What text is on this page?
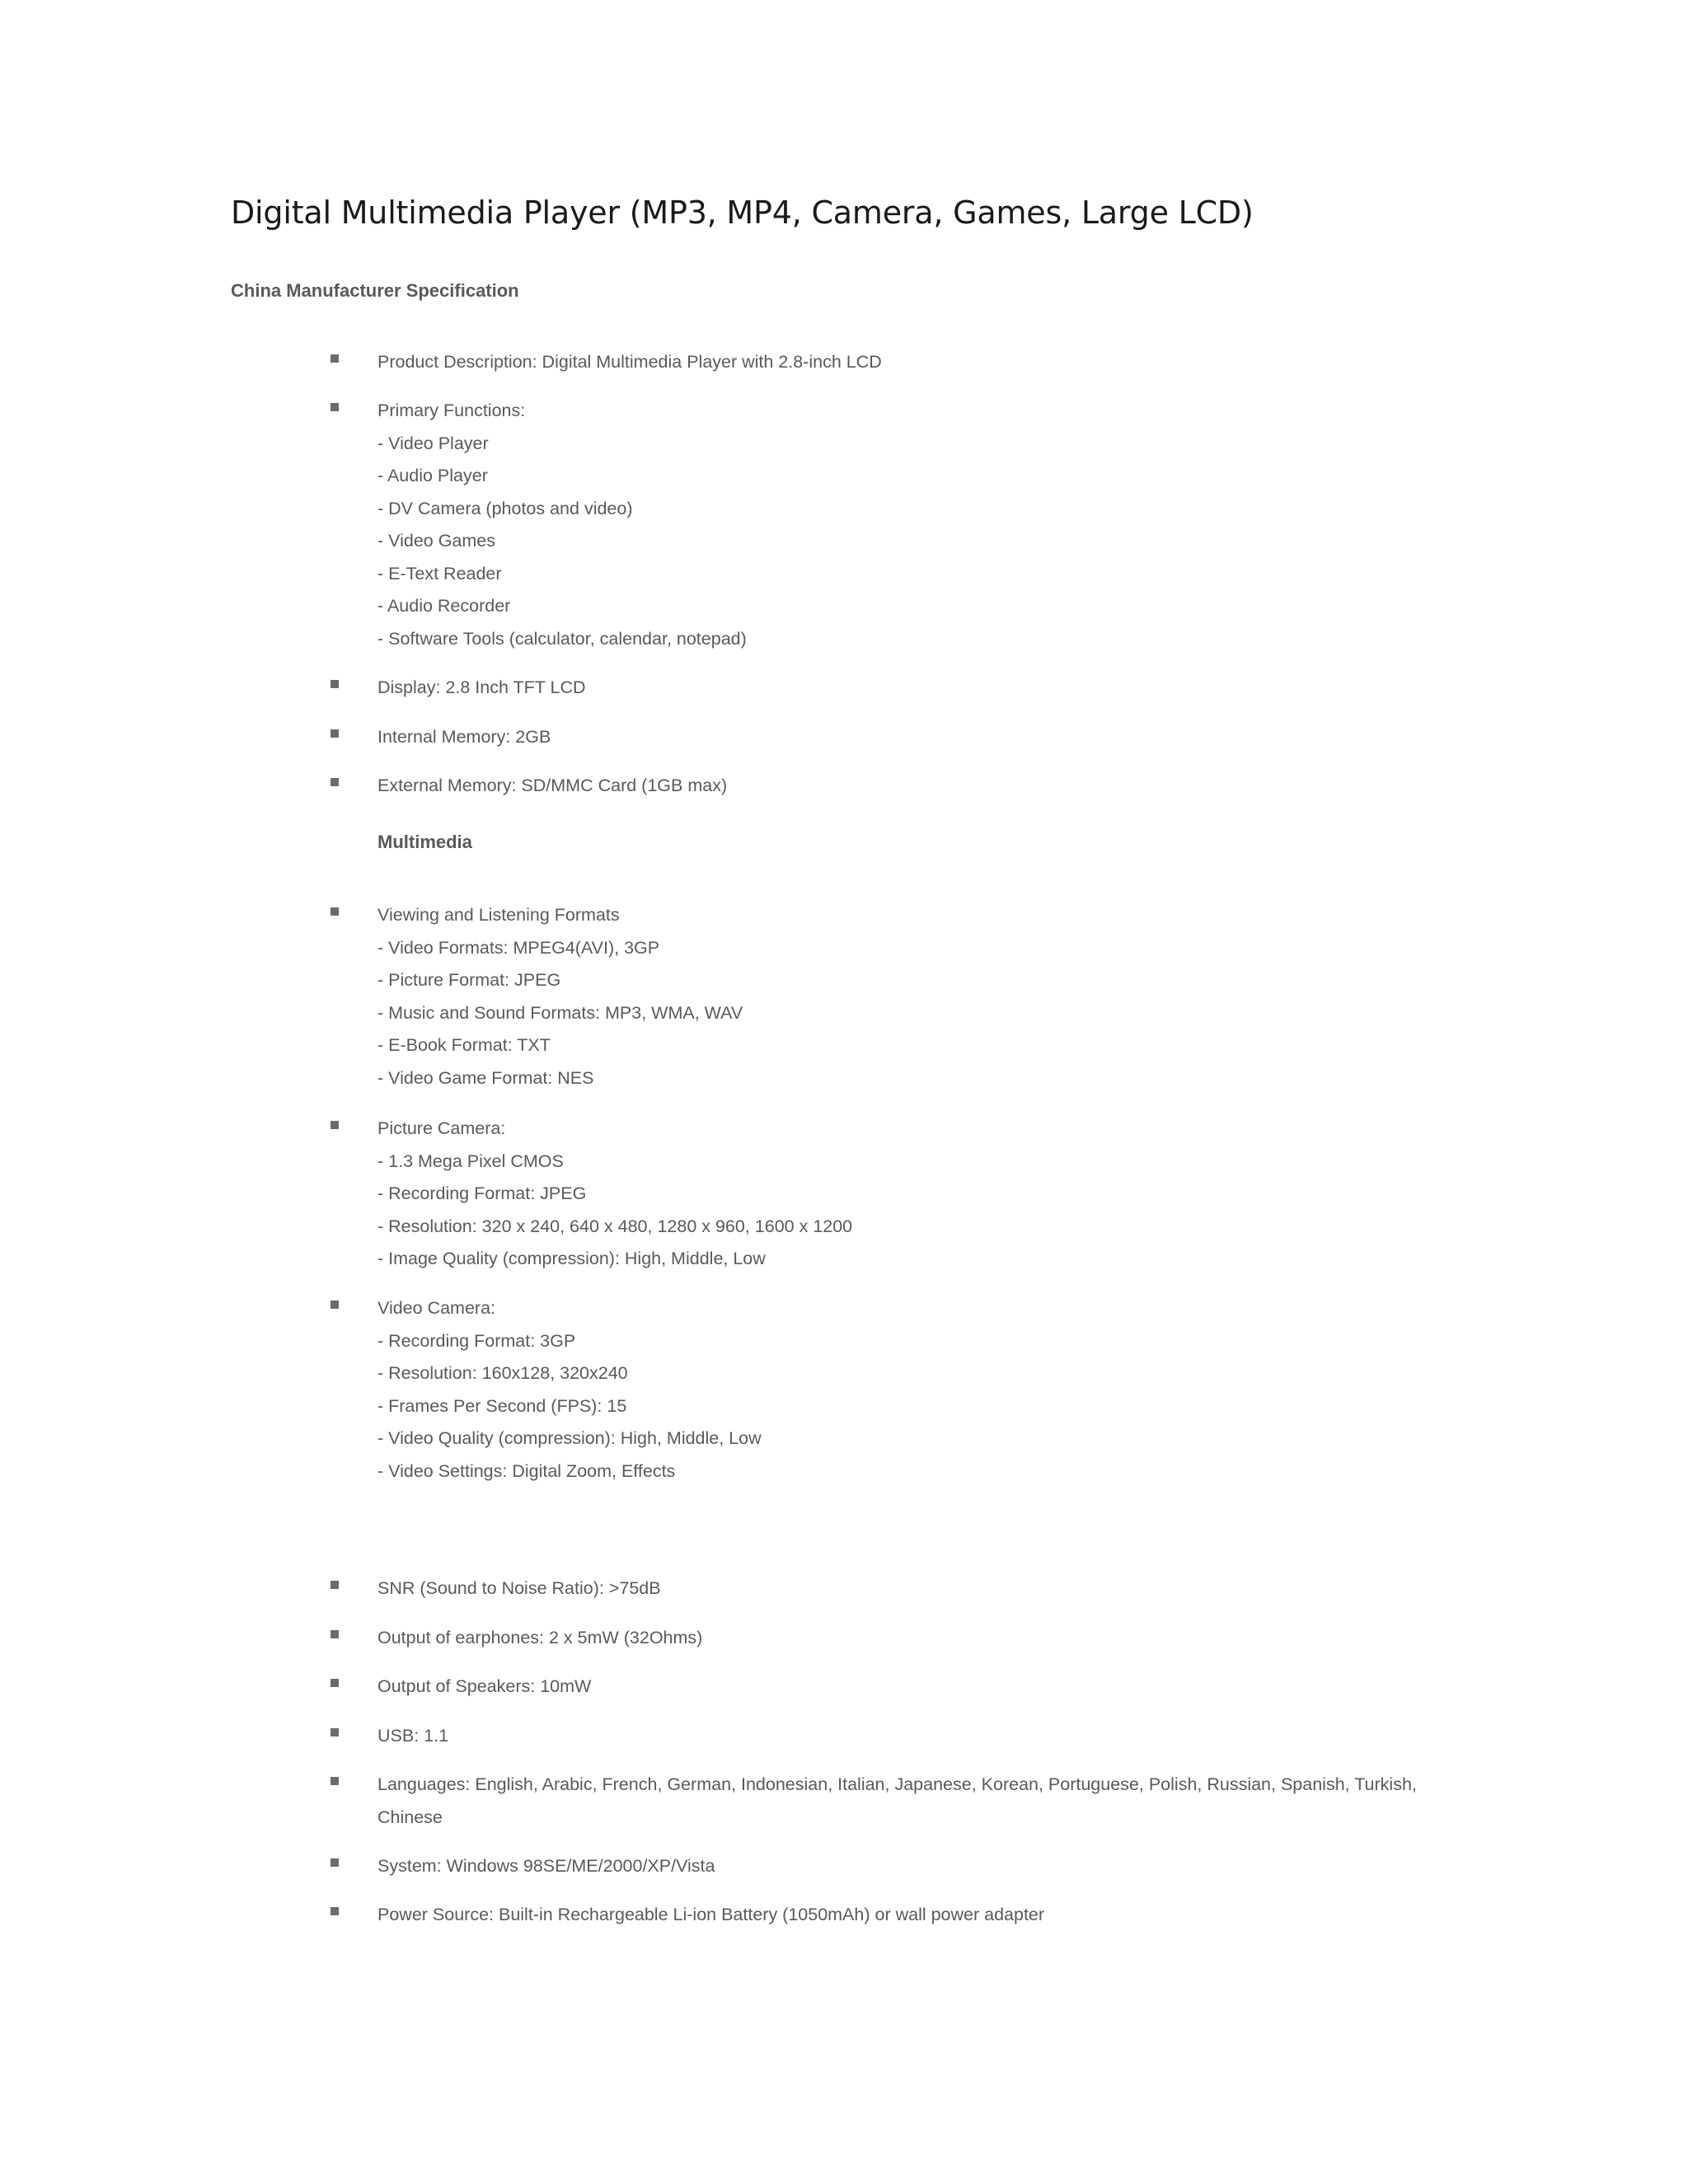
Digital Multimedia Player (MP3, MP4, Camera, Games, Large LCD)
China Manufacturer Specification
Product Description: Digital Multimedia Player with 2.8-inch LCD
Primary Functions:
- Video Player
- Audio Player
- DV Camera (photos and video)
- Video Games
- E-Text Reader
- Audio Recorder
- Software Tools (calculator, calendar, notepad)
Display: 2.8 Inch TFT LCD
Internal Memory: 2GB
External Memory: SD/MMC Card (1GB max)
Multimedia
Viewing and Listening Formats
- Video Formats: MPEG4(AVI), 3GP
- Picture Format: JPEG
- Music and Sound Formats: MP3, WMA, WAV
- E-Book Format: TXT
- Video Game Format: NES
Picture Camera:
- 1.3 Mega Pixel CMOS
- Recording Format: JPEG
- Resolution: 320 x 240, 640 x 480, 1280 x 960, 1600 x 1200
- Image Quality (compression): High, Middle, Low
Video Camera:
- Recording Format: 3GP
- Resolution: 160x128, 320x240
- Frames Per Second (FPS): 15
- Video Quality (compression): High, Middle, Low
- Video Settings: Digital Zoom, Effects
SNR (Sound to Noise Ratio): >75dB
Output of earphones: 2 x 5mW (32Ohms)
Output of Speakers: 10mW
USB: 1.1
Languages: English, Arabic, French, German, Indonesian, Italian, Japanese, Korean, Portuguese, Polish, Russian, Spanish, Turkish,
Chinese
System: Windows 98SE/ME/2000/XP/Vista
Power Source: Built-in Rechargeable Li-ion Battery (1050mAh) or wall power adapter
